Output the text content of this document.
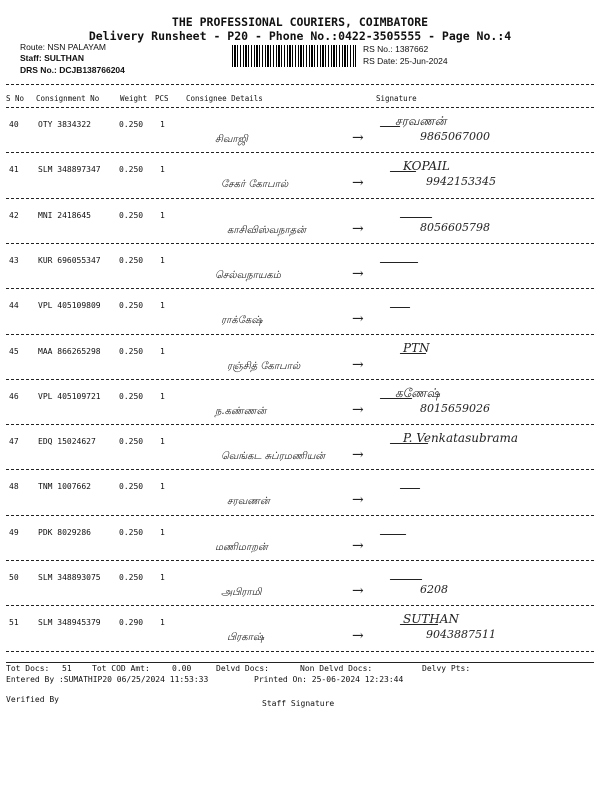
THE PROFESSIONAL COURIERS, COIMBATORE
Delivery Runsheet - P20 - Phone No.:0422-3505555 - Page No.:4
Route: NSN PALAYAM
Staff: SULTHAN
DRS No.: DCJB138766204
RS No.: 1387662
RS Date: 25-Jun-2024
S No Consignment No	Weight PCS Consignee Details	Signature
40 OTY 3834322	0.250 1
சிவாஜி	→
சரவணன்
9865067000
41 SLM 348897347 0.250 1
சேகர் கோபால்	→
KOPAIL
9942153345
42 MNI 2418645	0.250 1
காசிவிஸ்வநாதன்	→	8056605798
43 KUR 696055347 0.250 1
செல்வநாயகம்	→
44 VPL 405109809 0.250 1
ராக்கேஷ்	→
45 MAA 866265298 0.250 1
ரஞ்சித் கோபால்	→
PTN
46 VPL 405109721 0.250 1
ந.கண்ணன்	→
கணேஷ்
8015659026
47 EDQ 15024627	0.250 1
வெங்கட சுப்ரமணியன் →
P. Venkatasubrama
48 TNM 1007662	0.250 1
சரவணன்	→
49 PDK 8029286	0.250 1
மணிமாறன்	→
50 SLM 348893075 0.250 1
அபிராமி	→	6208
51 SLM 348945379 0.290 1
பிரகாஷ்	→
SUTHAN
9043887511
Tot Docs: 51	Tot COD Amt:	0.00	Delvd Docs:	Non Delvd Docs:	Delvy Pts:
Entered By :SUMATHIP20 06/25/2024 11:53:33	Printed On: 25-06-2024 12:23:44
Verified By	Staff Signature
